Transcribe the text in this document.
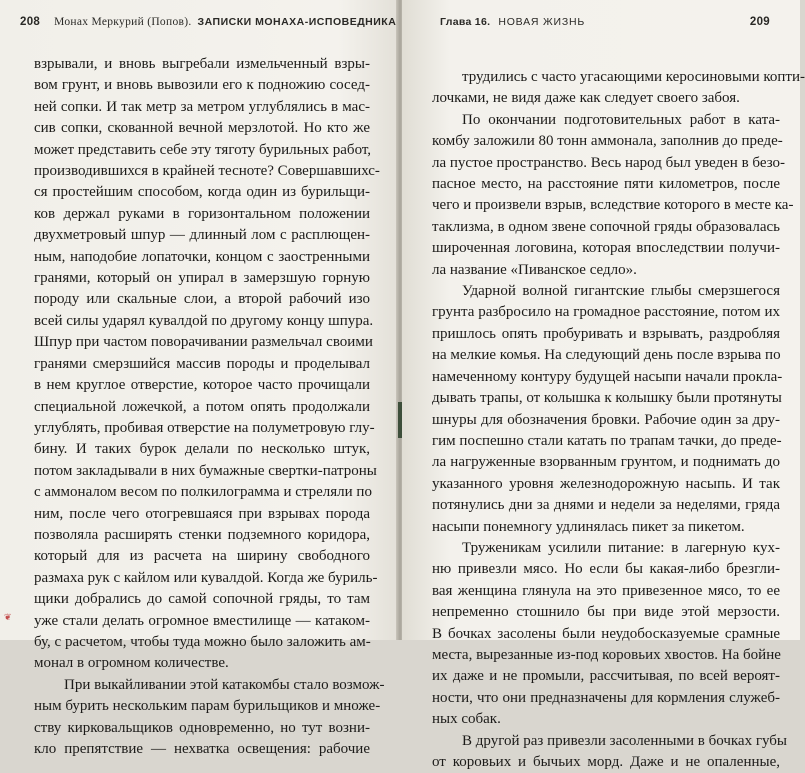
208 Монах Меркурий (Попов). ЗАПИСКИ МОНАХА-ИСПОВЕДНИКА
взрывали, и вновь выгребали измельченный взры-
вом грунт, и вновь вывозили его к подножию сосед-
ней сопки. И так метр за метром углублялись в мас-
сив сопки, скованной вечной мерзлотой. Но кто же
может представить себе эту тяготу бурильных работ,
производившихся в крайней тесноте? Совершавшихс-
ся простейшим способом, когда один из бурильщи-
ков держал руками в горизонтальном положении
двухметровый шпур — длинный лом с расплющен-
ным, наподобие лопаточки, концом с заостренными
гранями, который он упирал в замерзшую горную
породу или скальные слои, а второй рабочий изо
всей силы ударял кувалдой по другому концу шпура.
Шпур при частом поворачивании размельчал своими
гранями смерзшийся массив породы и проделывал
в нем круглое отверстие, которое часто прочищали
специальной ложечкой, а потом опять продолжали
углублять, пробивая отверстие на полуметровую глу-
бину. И таких бурок делали по несколько штук,
потом закладывали в них бумажные свертки-патроны
с аммоналом весом по полкилограмма и стреляли по
ним, после чего отогревшаяся при взрывах порода
позволяла расширять стенки подземного коридора,
который для из расчета на ширину свободного
размаха рук с кайлом или кувалдой. Когда же буриль-
щики добрались до самой сопочной гряды, то там
уже стали делать огромное вместилище — катаком-
бу, с расчетом, чтобы туда можно было заложить ам-
монал в огромном количестве.
При выкайливании этой катакомбы стало возмож-
ным бурить нескольким парам бурильщиков и множе-
ству кирковальщиков одновременно, но тут возни-
кло препятствие — нехватка освещения: рабочие
❦
Глава 16. НОВАЯ ЖИЗНЬ	209
трудились с часто угасающими керосиновыми копти-
лочками, не видя даже как следует своего забоя.
По окончании подготовительных работ в ката-
комбу заложили 80 тонн аммонала, заполнив до преде-
ла пустое пространство. Весь народ был уведен в безо-
пасное место, на расстояние пяти километров, после
чего и произвели взрыв, вследствие которого в месте ка-
таклизма, в одном звене сопочной гряды образовалась
широченная логовина, которая впоследствии получи-
ла название «Пиванское седло».
Ударной волной гигантские глыбы смерзшегося
грунта разбросило на громадное расстояние, потом их
пришлось опять пробуривать и взрывать, раздробляя
на мелкие комья. На следующий день после взрыва по
намеченному контуру будущей насыпи начали прокла-
дывать трапы, от колышка к колышку были протянуты
шнуры для обозначения бровки. Рабочие один за дру-
гим поспешно стали катать по трапам тачки, до преде-
ла нагруженные взорванным грунтом, и поднимать до
указанного уровня железнодорожную насыпь. И так
потянулись дни за днями и недели за неделями, гряда
насыпи понемногу удлинялась пикет за пикетом.
Труженикам усилили питание: в лагерную кух-
ню привезли мясо. Но если бы какая-либо брезгли-
вая женщина глянула на это привезенное мясо, то ее
непременно стошнило бы при виде этой мерзости.
В бочках засолены были неудобосказуемые срамные
места, вырезанные из-под коровьих хвостов. На бойне
их даже и не промыли, рассчитывая, по всей вероят-
ности, что они предназначены для кормления служеб-
ных собак.
В другой раз привезли засоленными в бочках губы
от коровьих и бычьих морд. Даже и не опаленные,
